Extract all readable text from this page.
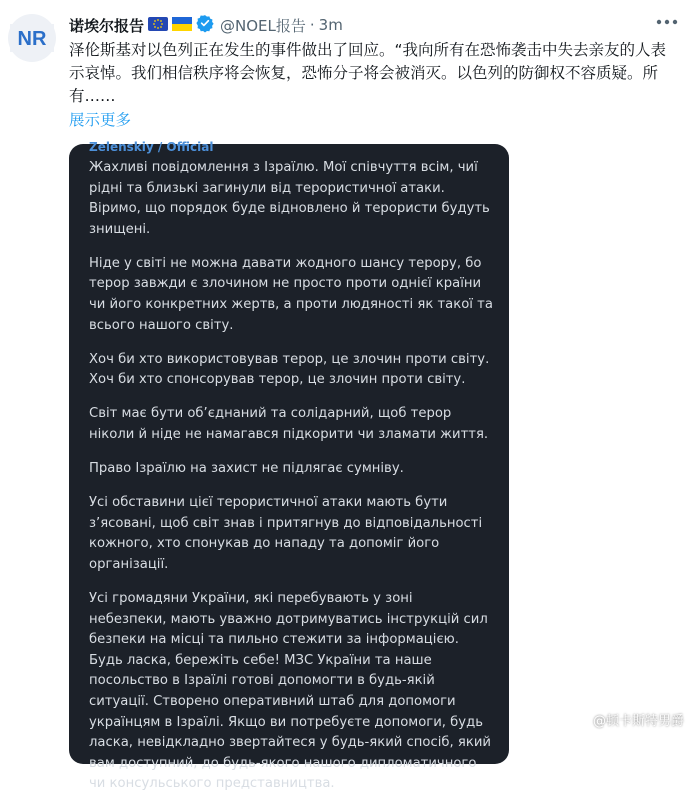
NR
诺埃尔报告	@NOEL报告 · 3m
泽伦斯基对以色列正在发生的事件做出了回应。“我向所有在恐怖袭击中失去亲友的人表示哀悼。我们相信秩序将会恢复，恐怖分子将会被消灭。以色列的防御权不容质疑。所有……
展示更多
Zelenskiy / Official

Жахливі повідомлення з Ізраїлю. Мої співчуття всім, чиї рідні та близькі загинули від терористичної атаки.
Віримо, що порядок буде відновлено й терористи будуть знищені.

Ніде у світі не можна давати жодного шансу терору, бо терор завжди є злочином не просто проти однієї країни чи його конкретних жертв, а проти людяності як такої та всього нашого світу.

Хоч би хто використовував терор, це злочин проти світу. Хоч би хто спонсорував терор, це злочин проти світу.

Світ має бути об’єднаний та солідарний, щоб терор ніколи й ніде не намагався підкорити чи зламати життя.

Право Ізраїлю на захист не підлягає сумніву.

Усі обставини цієї терористичної атаки мають бути з’ясовані, щоб світ знав і притягнув до відповідальності кожного, хто спонукав до нападу та допоміг його організації.

Усі громадяни України, які перебувають у зоні небезпеки, мають уважно дотримуватись інструкцій сил безпеки на місці та пильно стежити за інформацією. Будь ласка, бережіть себе! МЗС України та наше посольство в Ізраїлі готові допомогти в будь-якій ситуації. Створено оперативний штаб для допомоги українцям в Ізраїлі. Якщо ви потребуєте допомоги, будь ласка, невідкладно звертайтеся у будь-який спосіб, який вам доступний, до будь-якого нашого дипломатичного чи консульського представництва.

@顿卡斯特男爵
